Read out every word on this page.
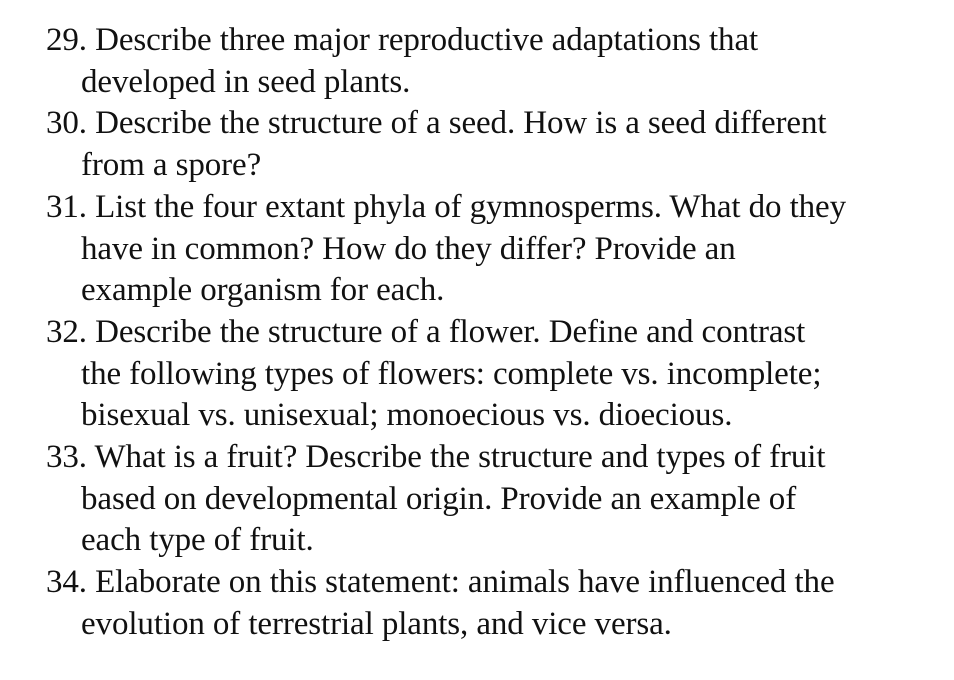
29. Describe three major reproductive adaptations that
developed in seed plants.
30. Describe the structure of a seed. How is a seed different
from a spore?
31. List the four extant phyla of gymnosperms. What do they
have in common? How do they differ? Provide an
example organism for each.
32. Describe the structure of a flower. Define and contrast
the following types of flowers: complete vs. incomplete;
bisexual vs. unisexual; monoecious vs. dioecious.
33. What is a fruit? Describe the structure and types of fruit
based on developmental origin. Provide an example of
each type of fruit.
34. Elaborate on this statement: animals have influenced the
evolution of terrestrial plants, and vice versa.
